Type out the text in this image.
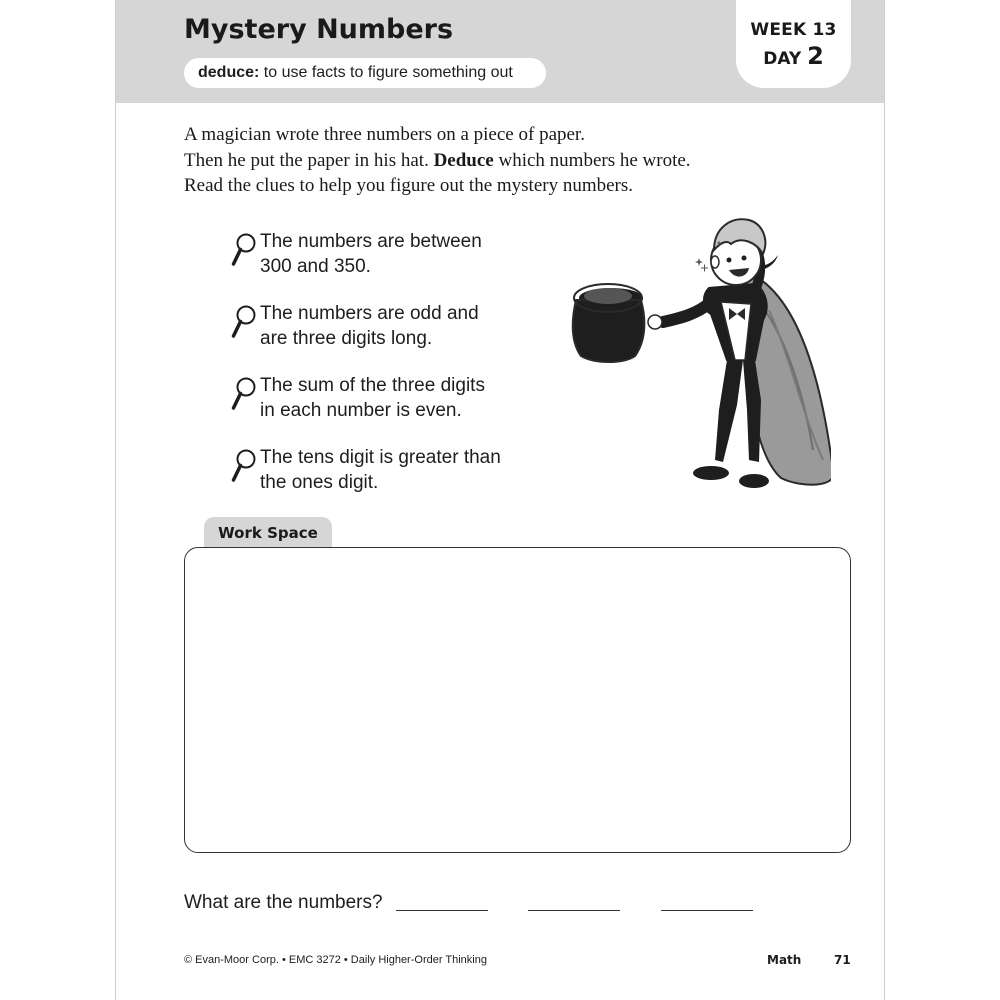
Mystery Numbers
deduce: to use facts to figure something out
WEEK 13
DAY 2

A magician wrote three numbers on a piece of paper.

Then he put the paper in his hat. Deduce which numbers he wrote.

Read the clues to help you figure out the mystery numbers.

The numbers are between
300 and 350.
The numbers are odd and
are three digits long.
The sum of the three digits
in each number is even.
The tens digit is greater than
the ones digit.
Work Space
What are the numbers?
© Evan-Moor Corp. • EMC 3272 • Daily Higher-Order Thinking	Math	71
